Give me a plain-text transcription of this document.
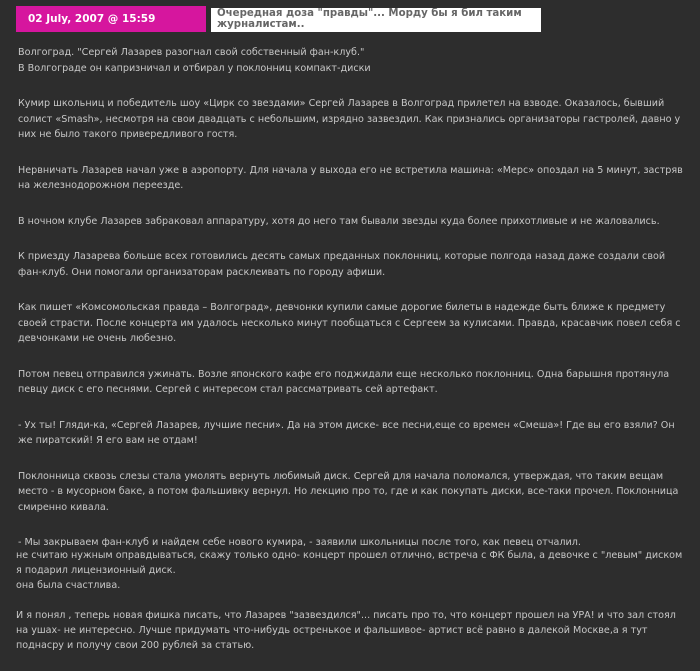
02 July, 2007 @ 15:59	Очередная доза "правды"... Морду бы я бил таким журналистам..

Волгоград. "Сергей Лазарев разогнал свой собственный фан-клуб."
В Волгограде он капризничал и отбирал у поклонниц компакт-диски

Кумир школьниц и победитель шоу «Цирк со звездами» Сергей Лазарев в Волгоград прилетел на взводе. Оказалось, бывший солист «Smash», несмотря на свои двадцать с небольшим, изрядно зазвездил. Как признались организаторы гастролей, давно у них не было такого привередливого гостя.

Нервничать Лазарев начал уже в аэропорту. Для начала у выхода его не встретила машина: «Мерс» опоздал на 5 минут, застряв на железнодорожном переезде.

В ночном клубе Лазарев забраковал аппаратуру, хотя до него там бывали звезды куда более прихотливые и не жаловались.

К приезду Лазарева больше всех готовились десять самых преданных поклонниц, которые полгода назад даже создали свой фан-клуб. Они помогали организаторам расклеивать по городу афиши.

Как пишет «Комсомольская правда – Волгоград», девчонки купили самые дорогие билеты в надежде быть ближе к предмету своей страсти. После концерта им удалось несколько минут пообщаться с Сергеем за кулисами. Правда, красавчик повел себя с девчонками не очень любезно.

Потом певец отправился ужинать. Возле японского кафе его поджидали еще несколько поклонниц. Одна барышня протянула певцу диск с его песнями. Сергей с интересом стал рассматривать сей артефакт.

- Ух ты! Гляди-ка, «Сергей Лазарев, лучшие песни». Да на этом диске- все песни,еще со времен «Смеша»! Где вы его взяли? Он же пиратский! Я его вам не отдам!

Поклонница сквозь слезы стала умолять вернуть любимый диск. Сергей для начала поломался, утверждая, что таким вещам место - в мусорном баке, а потом фальшивку вернул. Но лекцию про то, где и как покупать диски, все-таки прочел. Поклонница смиренно кивала.

- Мы закрываем фан-клуб и найдем себе нового кумира, - заявили школьницы после того, как певец отчалил.

не считаю нужным оправдываться, скажу только одно- концерт прошел отлично, встреча с ФК была, а девочке с "левым" диском я подарил лицензионный диск.
она была счастлива.

И я понял , теперь новая фишка писать, что Лазарев "зазвездился"... писать про то, что концерт прошел на УРА! и что зал стоял на ушах- не интересно. Лучше придумать что-нибудь остренькое и фальшивое- артист всё равно в далекой Москве,а я тут поднасру и получу свои 200 рублей за статью.
